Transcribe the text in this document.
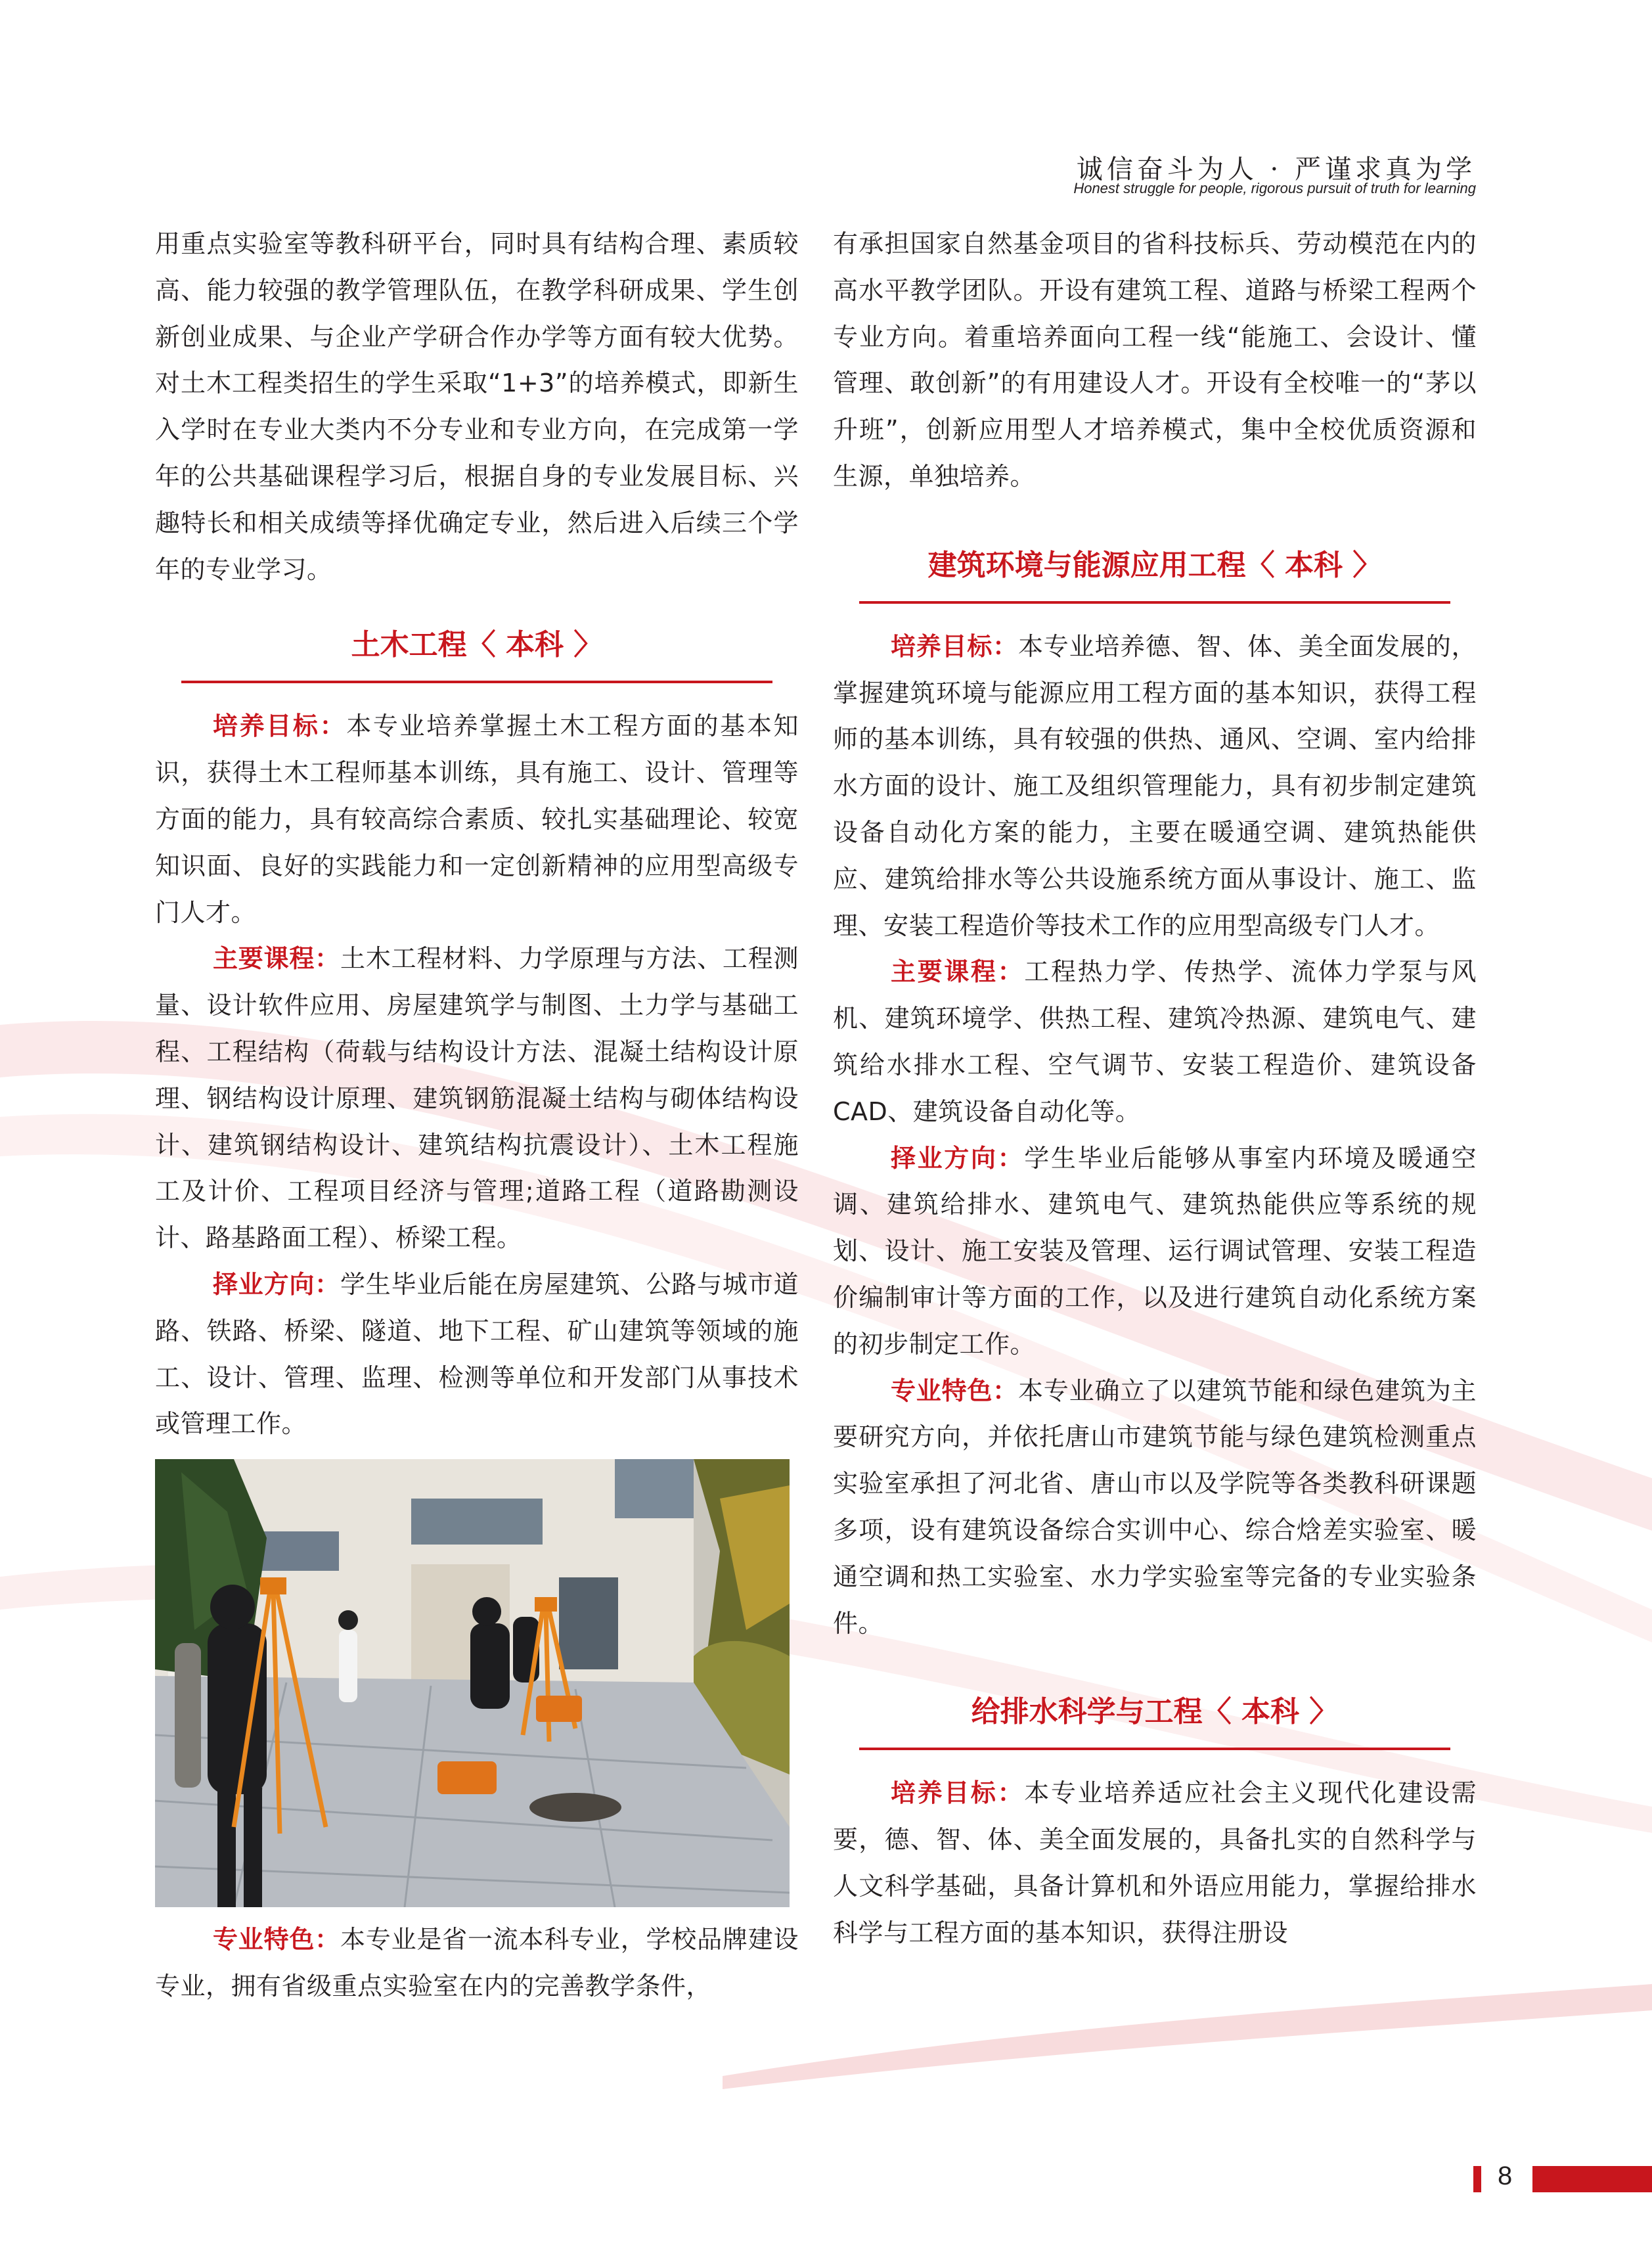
诚信奋斗为人 · 严谨求真为学
Honest struggle for people, rigorous pursuit of truth for learning

用重点实验室等教科研平台，同时具有结构合理、素质较高、能力较强的教学管理队伍，在教学科研成果、学生创新创业成果、与企业产学研合作办学等方面有较大优势。对土木工程类招生的学生采取“1+3”的培养模式，即新生入学时在专业大类内不分专业和专业方向，在完成第一学年的公共基础课程学习后，根据自身的专业发展目标、兴趣特长和相关成绩等择优确定专业，然后进入后续三个学年的专业学习。

土木工程〈 本科 〉

培养目标：本专业培养掌握土木工程方面的基本知识，获得土木工程师基本训练，具有施工、设计、管理等方面的能力，具有较高综合素质、较扎实基础理论、较宽知识面、良好的实践能力和一定创新精神的应用型高级专门人才。

主要课程：土木工程材料、力学原理与方法、工程测量、设计软件应用、房屋建筑学与制图、土力学与基础工程、工程结构（荷载与结构设计方法、混凝土结构设计原理、钢结构设计原理、建筑钢筋混凝土结构与砌体结构设计、建筑钢结构设计、建筑结构抗震设计）、土木工程施工及计价、工程项目经济与管理;道路工程（道路勘测设计、路基路面工程）、桥梁工程。

择业方向：学生毕业后能在房屋建筑、公路与城市道路、铁路、桥梁、隧道、地下工程、矿山建筑等领域的施工、设计、管理、监理、检测等单位和开发部门从事技术或管理工作。

专业特色：本专业是省一流本科专业，学校品牌建设专业，拥有省级重点实验室在内的完善教学条件，

有承担国家自然基金项目的省科技标兵、劳动模范在内的高水平教学团队。开设有建筑工程、道路与桥梁工程两个专业方向。着重培养面向工程一线“能施工、会设计、懂管理、敢创新”的有用建设人才。开设有全校唯一的“茅以升班”，创新应用型人才培养模式，集中全校优质资源和生源，单独培养。

建筑环境与能源应用工程〈 本科 〉

培养目标：本专业培养德、智、体、美全面发展的，掌握建筑环境与能源应用工程方面的基本知识，获得工程师的基本训练，具有较强的供热、通风、空调、室内给排水方面的设计、施工及组织管理能力，具有初步制定建筑设备自动化方案的能力，主要在暖通空调、建筑热能供应、建筑给排水等公共设施系统方面从事设计、施工、监理、安装工程造价等技术工作的应用型高级专门人才。

主要课程：工程热力学、传热学、流体力学泵与风机、建筑环境学、供热工程、建筑冷热源、建筑电气、建筑给水排水工程、空气调节、安装工程造价、建筑设备 CAD、建筑设备自动化等。

择业方向：学生毕业后能够从事室内环境及暖通空调、建筑给排水、建筑电气、建筑热能供应等系统的规划、设计、施工安装及管理、运行调试管理、安装工程造价编制审计等方面的工作，以及进行建筑自动化系统方案的初步制定工作。

专业特色：本专业确立了以建筑节能和绿色建筑为主要研究方向，并依托唐山市建筑节能与绿色建筑检测重点实验室承担了河北省、唐山市以及学院等各类教科研课题多项，设有建筑设备综合实训中心、综合焓差实验室、暖通空调和热工实验室、水力学实验室等完备的专业实验条件。

给排水科学与工程〈 本科 〉

培养目标：本专业培养适应社会主义现代化建设需要，德、智、体、美全面发展的，具备扎实的自然科学与人文科学基础，具备计算机和外语应用能力，掌握给排水科学与工程方面的基本知识，获得注册设

8
